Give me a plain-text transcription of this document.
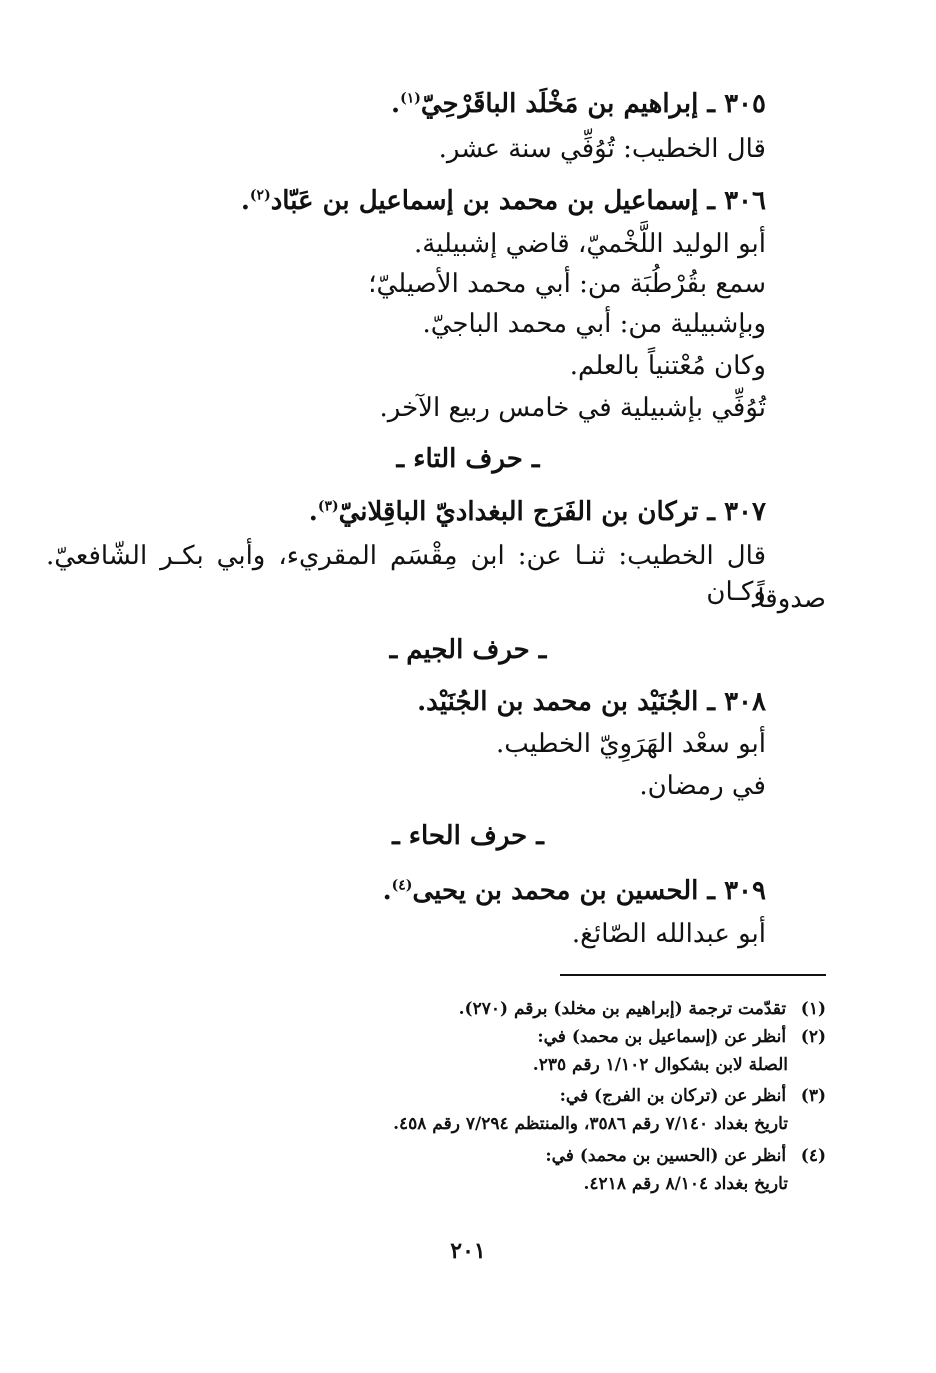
٣٠٥ ـ إبراهيم بن مَخْلَد الباقَرْحِيّ$^{(١)}$.
قال الخطيب: تُوُفِّي سنة عشر.
٣٠٦ ـ إسماعيل بن محمد بن إسماعيل بن عَبّاد$^{(٢)}$.
أبو الوليد اللَّخْميّ، قاضي إشبيلية.
سمع بقُرْطُبَة من: أبي محمد الأصيليّ؛
وبإشبيلية من: أبي محمد الباجيّ.
وكان مُعْتنياً بالعلم.
تُوُفِّي بإشبيلية في خامس ربيع الآخر.
ـ حرف التاء ـ
٣٠٧ ـ تركان بن الفَرَج البغداديّ الباقِلانيّ$^{(٣)}$.
قال الخطيب: ثنـا عن: ابن مِقْسَم المقريء، وأبي بكـر الشّافعيّ. وكـان
صدوقاً.
ـ حرف الجيم ـ
٣٠٨ ـ الجُنَيْد بن محمد بن الجُنَيْد.
أبو سعْد الهَرَوِيّ الخطيب.
في رمضان.
ـ حرف الحاء ـ
٣٠٩ ـ الحسين بن محمد بن يحيى$^{(٤)}$.
أبو عبدالله الصّائغ.
(١) تقدّمت ترجمة (إبراهيم بن مخلد) برقم (٢٧٠).
(٢) أنظر عن (إسماعيل بن محمد) في:
الصلة لابن بشكوال ١/١٠٢ رقم ٢٣٥.
(٣) أنظر عن (تركان بن الفرج) في:
تاريخ بغداد ٧/١٤٠ رقم ٣٥٨٦، والمنتظم ٧/٢٩٤ رقم ٤٥٨.
(٤) أنظر عن (الحسين بن محمد) في:
تاريخ بغداد ٨/١٠٤ رقم ٤٢١٨.
٢٠١
